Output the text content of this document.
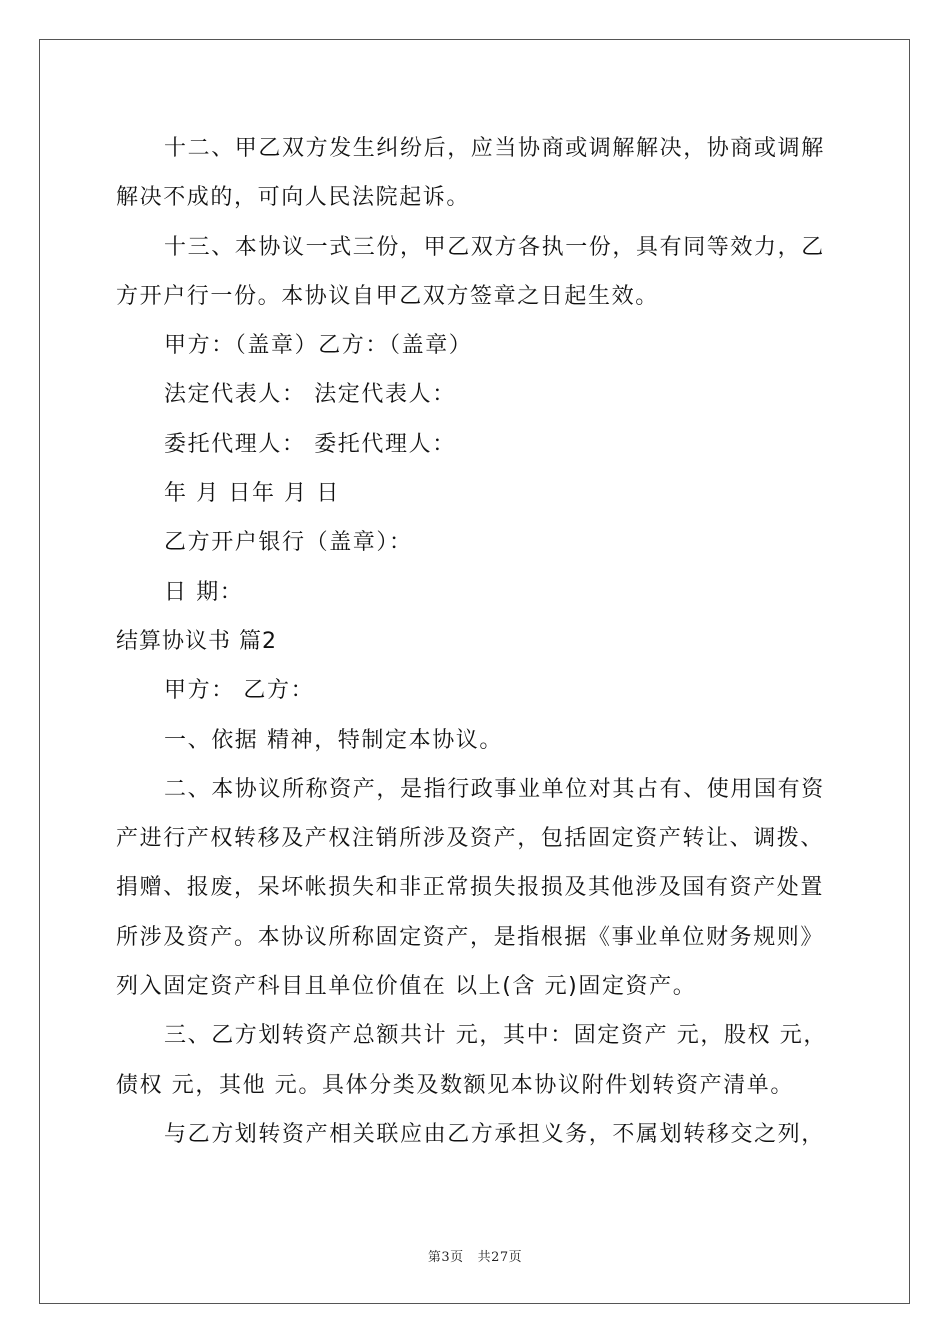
十二、甲乙双方发生纠纷后，应当协商或调解解决，协商或调解
解决不成的，可向人民法院起诉。
十三、本协议一式三份，甲乙双方各执一份，具有同等效力，乙
方开户行一份。本协议自甲乙双方签章之日起生效。
甲方：（盖章）乙方：（盖章）
法定代表人： 法定代表人：
委托代理人： 委托代理人：
年 月 日年 月 日
乙方开户银行（盖章）：
日 期：
结算协议书 篇2
甲方： 乙方：
一、依据 精神，特制定本协议。
二、本协议所称资产，是指行政事业单位对其占有、使用国有资
产进行产权转移及产权注销所涉及资产，包括固定资产转让、调拨、
捐赠、报废，呆坏帐损失和非正常损失报损及其他涉及国有资产处置
所涉及资产。本协议所称固定资产，是指根据《事业单位财务规则》
列入固定资产科目且单位价值在 以上(含 元)固定资产。
三、乙方划转资产总额共计 元，其中：固定资产 元，股权 元，
债权 元，其他 元。具体分类及数额见本协议附件划转资产清单。
与乙方划转资产相关联应由乙方承担义务，不属划转移交之列，
第3页 共27页
